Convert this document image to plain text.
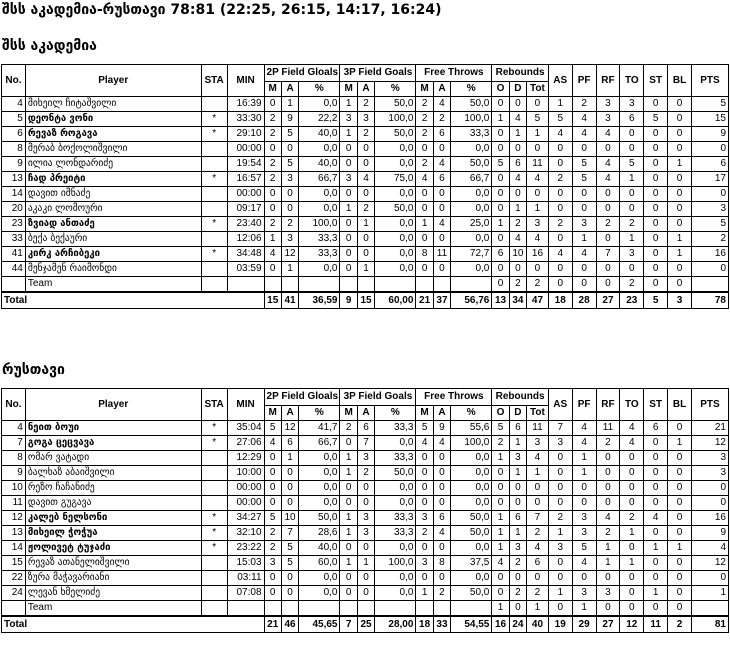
შსს აკადემია-რუსთავი 78:81 (22:25, 26:15, 14:17, 16:24)
შსს აკადემია
No.	Player	STA	MIN	2P Field Gloals			3P Field Goals			Free Throws			Rebounds			AS	PF	RF	TO	ST	BL	PTS
				M	A	%	M	A	%	M	A	%	O	D	Tot							
4	მიხეილ ჩიტაშვილი		16:39	0	1	0,0	1	2	50,0	2	4	50,0	0	0	0	1	2	3	3	0	0	5
5	დეონტა ვონი	*	33:30	2	9	22,2	3	3	100,0	2	2	100,0	1	4	5	5	4	3	6	5	0	15
6	რევაზ როგავა	*	29:10	2	5	40,0	1	2	50,0	2	6	33,3	0	1	1	4	4	4	0	0	0	9
8	მერაბ ბოქოლიშვილი		00:00	0	0	0,0	0	0	0,0	0	0	0,0	0	0	0	0	0	0	0	0	0	0
9	ილია ლონდარიძე		19:54	2	5	40,0	0	0	0,0	2	4	50,0	5	6	11	0	5	4	5	0	1	6
13	ჩად პრეიტი	*	16:57	2	3	66,7	3	4	75,0	4	6	66,7	0	4	4	2	5	4	1	0	0	17
14	დავით იმნაძე		00:00	0	0	0,0	0	0	0,0	0	0	0,0	0	0	0	0	0	0	0	0	0	0
20	აკაკი ლომოური		09:17	0	0	0,0	1	2	50,0	0	0	0,0	0	1	1	0	0	0	0	0	0	3
23	ზვიად ანთაძე	*	23:40	2	2	100,0	0	1	0,0	1	4	25,0	1	2	3	2	3	2	2	0	0	5
33	ბექა ბექაური		12:06	1	3	33,3	0	0	0,0	0	0	0,0	0	4	4	0	1	0	1	0	1	2
41	კირკ არჩიბეკი	*	34:48	4	12	33,3	0	0	0,0	8	11	72,7	6	10	16	4	4	7	3	0	1	16
44	მენჯამენ რაიმონდი		03:59	0	1	0,0	0	1	0,0	0	0	0,0	0	0	0	0	0	0	0	0	0	0
	Team												0	2	2	0	0	0	2	0	0	
Total				15	41	36,59	9	15	60,00	21	37	56,76	13	34	47	18	28	27	23	5	3	78
რუსთავი
No.	Player	STA	MIN	2P Field Gloals			3P Field Goals			Free Throws			Rebounds			AS	PF	RF	TO	ST	BL	PTS
				M	A	%	M	A	%	M	A	%	O	D	Tot							
4	ნეით ბოუი	*	35:04	5	12	41,7	2	6	33,3	5	9	55,6	5	6	11	7	4	11	4	6	0	21
7	გოგა ცეცვავა	*	27:06	4	6	66,7	0	7	0,0	4	4	100,0	2	1	3	3	4	2	4	0	1	12
8	ომარ ვატადი		12:29	0	1	0,0	1	3	33,3	0	0	0,0	1	3	4	0	1	0	0	0	0	3
9	ბალხაზ აბაიშვილი		10:00	0	0	0,0	1	2	50,0	0	0	0,0	0	1	1	0	1	0	0	0	0	3
10	რეზო ჩაჩანიძე		00:00	0	0	0,0	0	0	0,0	0	0	0,0	0	0	0	0	0	0	0	0	0	0
11	დავით გუგავა		00:00	0	0	0,0	0	0	0,0	0	0	0,0	0	0	0	0	0	0	0	0	0	0
12	კალებ ნელსონი	*	34:27	5	10	50,0	1	3	33,3	3	6	50,0	1	6	7	2	3	4	2	4	0	16
13	მიხეილ ჭოჭუა	*	32:10	2	7	28,6	1	3	33,3	2	4	50,0	1	1	2	1	3	2	1	0	0	9
14	ჟოლივეტ ტუჯაძი	*	23:22	2	5	40,0	0	0	0,0	0	0	0,0	1	3	4	3	5	1	0	1	1	4
15	რევაზ ათანელიშვილი		15:03	3	5	60,0	1	1	100,0	3	8	37,5	4	2	6	0	4	1	1	0	0	12
22	ზურა მაჭავარიანი		03:11	0	0	0,0	0	0	0,0	0	0	0,0	0	0	0	0	0	0	0	0	0	0
24	ლევან ხმელიძე		07:08	0	0	0,0	0	0	0,0	1	2	50,0	0	2	2	1	3	3	0	1	0	1
	Team												1	0	1	0	1	0	0	0	0	
Total				21	46	45,65	7	25	28,00	18	33	54,55	16	24	40	19	29	27	12	11	2	81
